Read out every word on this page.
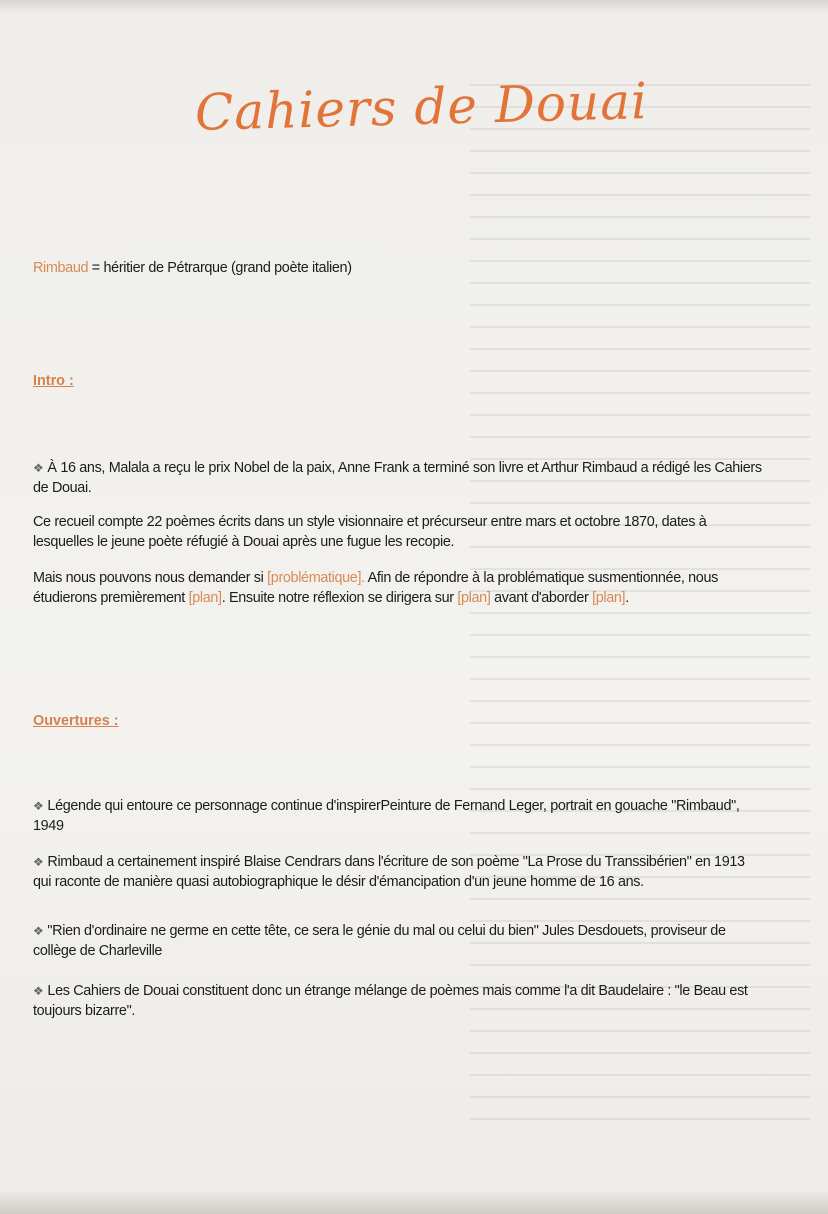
Cahiers de Douai
Rimbaud = héritier de Pétrarque (grand poète italien)
Intro :
❖ À 16 ans, Malala a reçu le prix Nobel de la paix, Anne Frank a terminé son livre et Arthur Rimbaud a rédigé les Cahiers de Douai.
Ce recueil compte 22 poèmes écrits dans un style visionnaire et précurseur entre mars et octobre 1870, dates à lesquelles le jeune poète réfugié à Douai après une fugue les recopie.
Mais nous pouvons nous demander si [problématique]. Afin de répondre à la problématique susmentionnée, nous étudierons premièrement [plan]. Ensuite notre réflexion se dirigera sur [plan] avant d'aborder [plan].
Ouvertures :
❖ Légende qui entoure ce personnage continue d'inspirerPeinture de Fernand Leger, portrait en gouache "Rimbaud", 1949
❖ Rimbaud a certainement inspiré Blaise Cendrars dans l'écriture de son poème "La Prose du Transsibérien" en 1913 qui raconte de manière quasi autobiographique le désir d'émancipation d'un jeune homme de 16 ans.
❖ "Rien d'ordinaire ne germe en cette tête, ce sera le génie du mal ou celui du bien" Jules Desdouets, proviseur de collège de Charleville
❖ Les Cahiers de Douai constituent donc un étrange mélange de poèmes mais comme l'a dit Baudelaire : "le Beau est toujours bizarre".
